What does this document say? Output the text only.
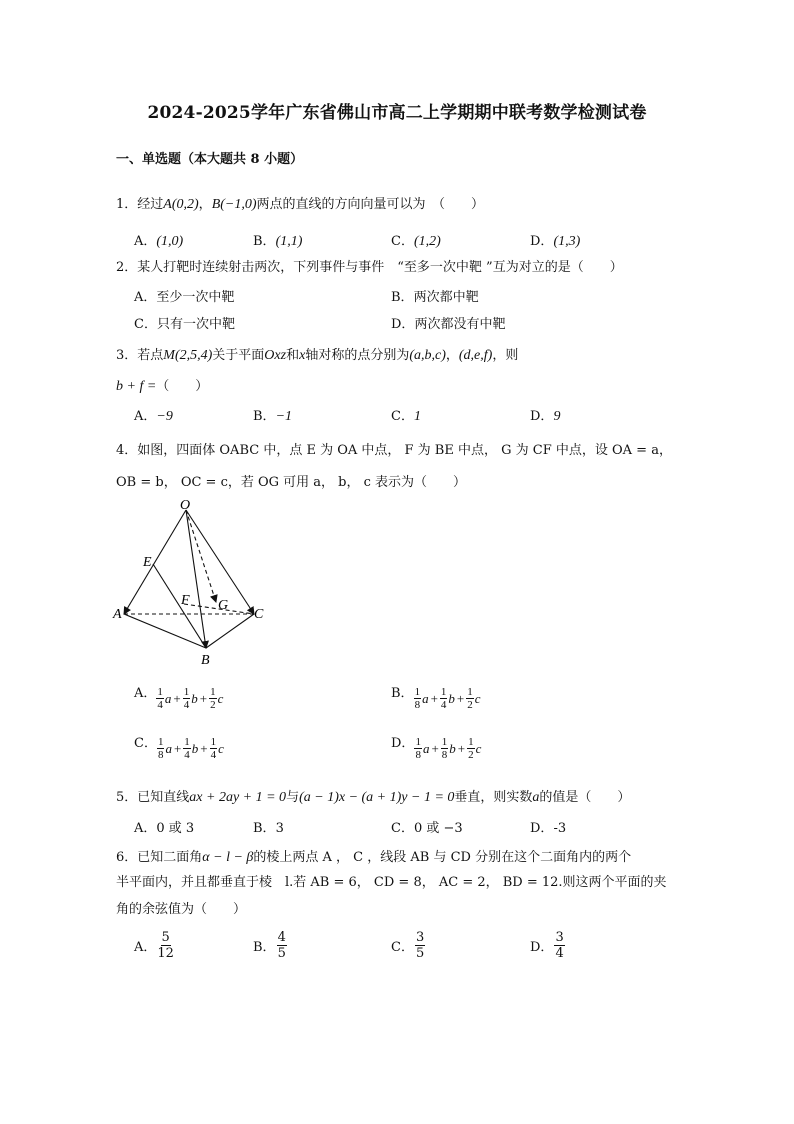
2024-2025学年广东省佛山市高二上学期期中联考数学检测试卷
一、单选题（本大题共 8 小题）
1．经过A(0,2)，B(−1,0)两点的直线的方向向量可以为　（　　）
A．(1,0)	B．(1,1)	C．(1,2)	D．(1,3)
2．某人打靶时连续射击两次，下列事件与事件　“至多一次中靶 ”互为对立的是（　　）
A．至少一次中靶	B．两次都中靶
C．只有一次中靶	D．两次都没有中靶
3．若点M(2,5,4)关于平面Oxz和x轴对称的点分别为(a,b,c)，(d,e,f)，则
b + f =（　　）
A．−9	B．−1	C．1	D．9
4．如图，四面体 OABC 中，点 E 为 OA 中点， F 为 BE 中点， G 为 CF 中点，设 OA = a，
OB = b， OC = c，若 OG 可用 a， b， c 表示为（　　）
O
E
A
F G
C
B
A． $\frac{1}{4}$ $a + \frac{1}{4}$ $b + \frac{1}{2}$ c	B． $\frac{1}{8}$ $a + \frac{1}{4}$ $b + \frac{1}{2}$ c
C． $\frac{1}{8}$ $a + \frac{1}{4}$ $b + \frac{1}{4}$ c	D． $\frac{1}{8}$ $a + \frac{1}{8}$ $b + \frac{1}{2}$ c
5．已知直线ax + 2ay + 1 = 0与(a − 1)x − (a + 1)y − 1 = 0垂直，则实数a的值是（　　）
A．0 或 3	B．3	C．0 或 −3	D．-3
6．已知二面角α − l − β的棱上两点 A ， C ，线段 AB 与 CD 分别在这个二面角内的两个
半平面内，并且都垂直于棱　l.若 AB = 6， CD = 8， AC = 2， BD = 12.则这两个平面的夹
角的余弦值为（　　）
A． $\frac{5}{12}$	B． $\frac{4}{5}$	C． $\frac{3}{5}$	D． $\frac{3}{4}$
